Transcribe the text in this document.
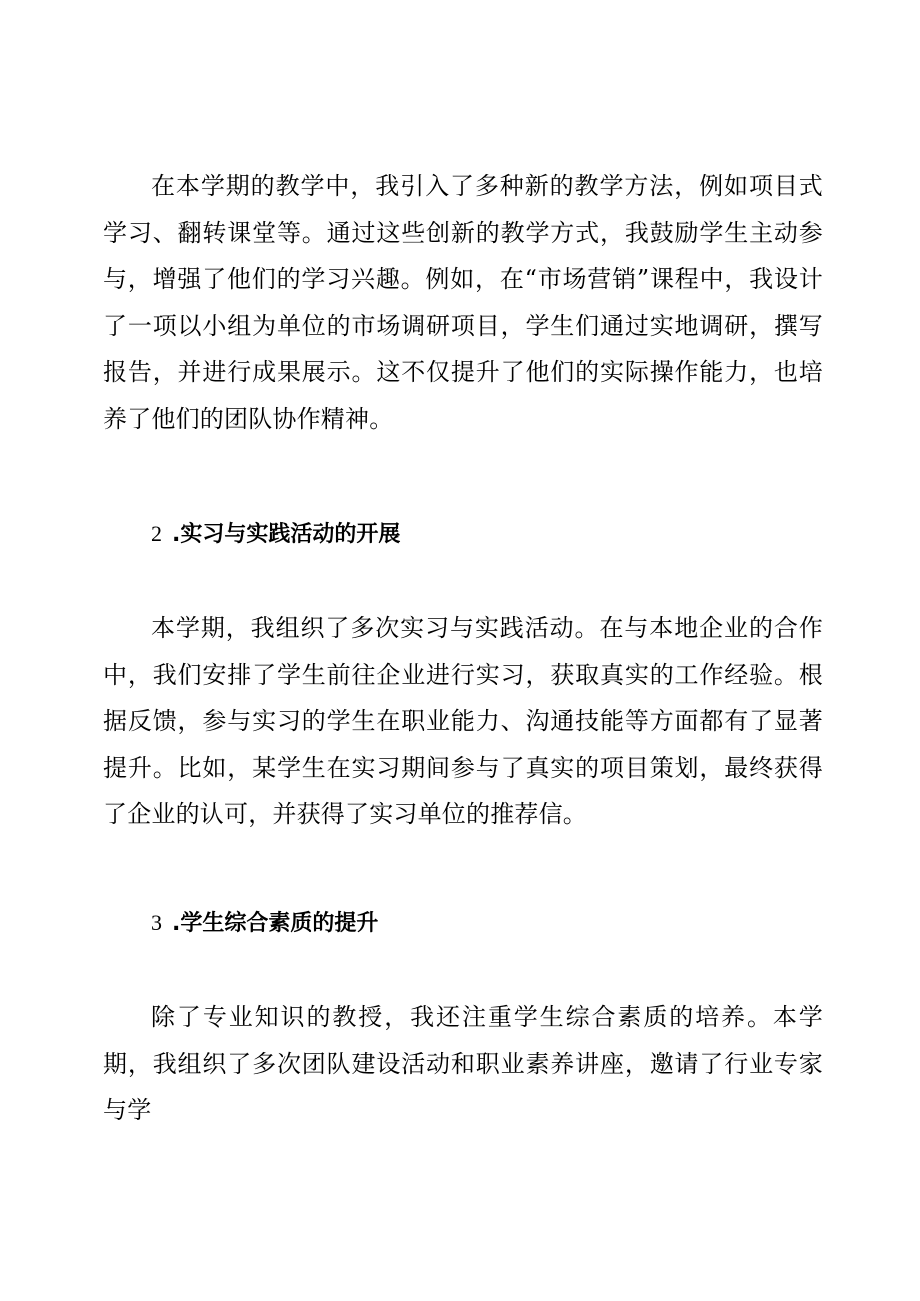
在本学期的教学中，我引入了多种新的教学方法，例如项目式学习、翻转课堂等。通过这些创新的教学方式，我鼓励学生主动参与，增强了他们的学习兴趣。例如，在“市场营销”课程中，我设计了一项以小组为单位的市场调研项目，学生们通过实地调研，撰写报告，并进行成果展示。这不仅提升了他们的实际操作能力，也培养了他们的团队协作精神。

2 .实习与实践活动的开展

本学期，我组织了多次实习与实践活动。在与本地企业的合作中，我们安排了学生前往企业进行实习，获取真实的工作经验。根据反馈，参与实习的学生在职业能力、沟通技能等方面都有了显著提升。比如，某学生在实习期间参与了真实的项目策划，最终获得了企业的认可，并获得了实习单位的推荐信。

3 .学生综合素质的提升

除了专业知识的教授，我还注重学生综合素质的培养。本学期，我组织了多次团队建设活动和职业素养讲座，邀请了行业专家与学
